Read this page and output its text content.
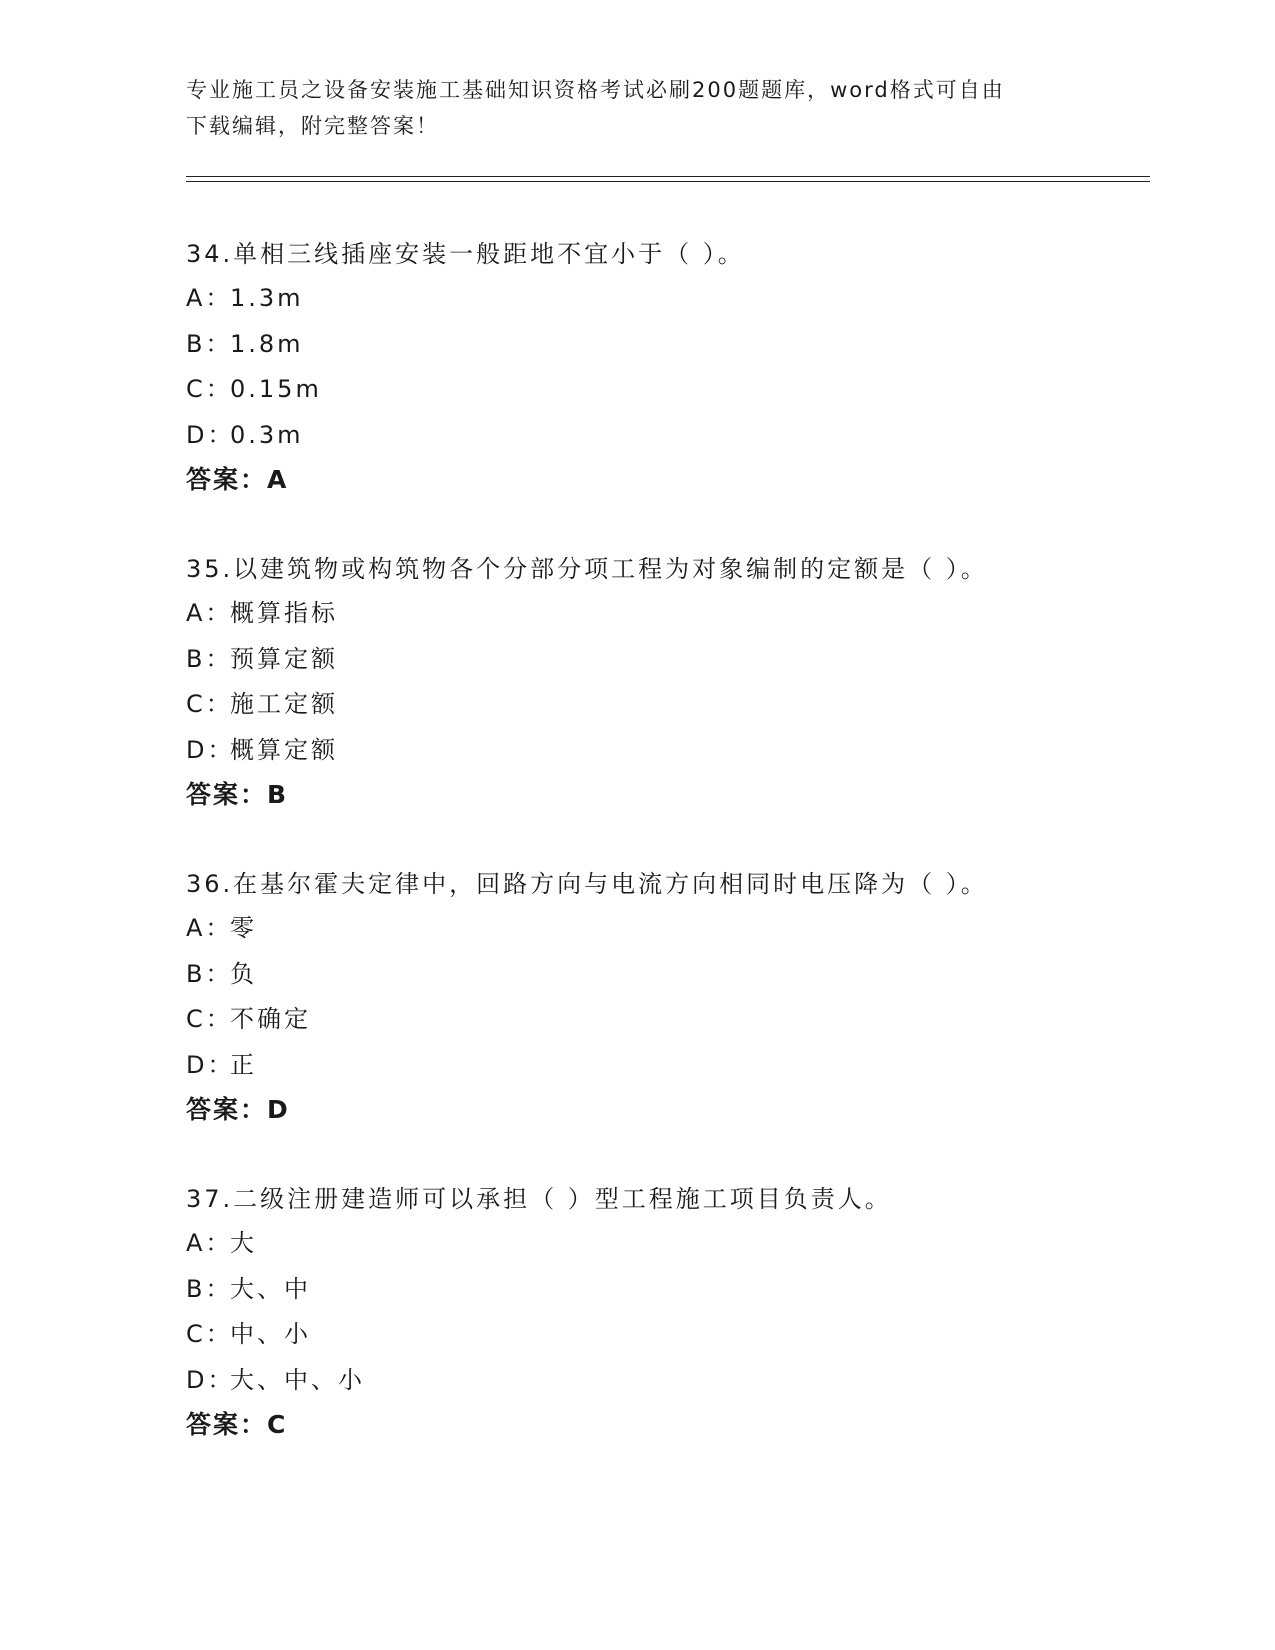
专业施工员之设备安装施工基础知识资格考试必刷200题题库，word格式可自由
下载编辑，附完整答案！
34.单相三线插座安装一般距地不宜小于（ ）。
A：1.3m
B：1.8m
C：0.15m
D：0.3m
答案：A
35.以建筑物或构筑物各个分部分项工程为对象编制的定额是（ ）。
A：概算指标
B：预算定额
C：施工定额
D：概算定额
答案：B
36.在基尔霍夫定律中，回路方向与电流方向相同时电压降为（ ）。
A：零
B：负
C：不确定
D：正
答案：D
37.二级注册建造师可以承担（ ）型工程施工项目负责人。
A：大
B：大、中
C：中、小
D：大、中、小
答案：C
